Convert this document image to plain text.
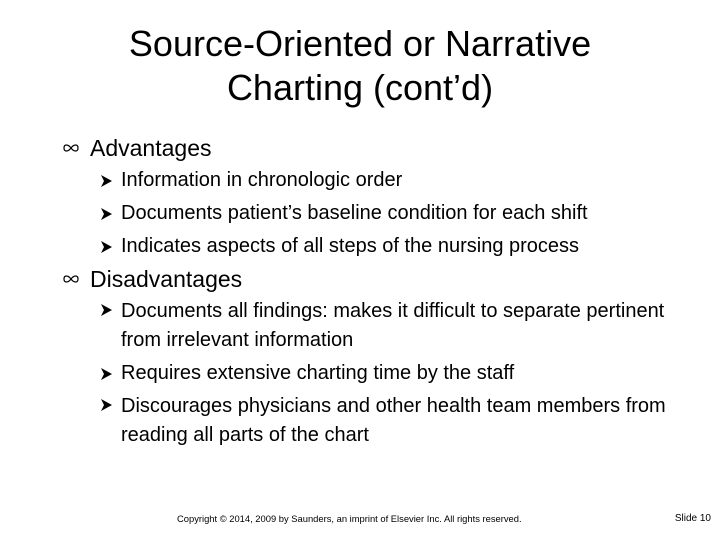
Source-Oriented or Narrative
Charting (cont’d)
Advantages
Information in chronologic order
Documents patient’s baseline condition for each shift
Indicates aspects of all steps of the nursing process
Disadvantages
Documents all findings: makes it difficult to separate pertinent from irrelevant information
Requires extensive charting time by the staff
Discourages physicians and other health team members from reading all parts of the chart
Copyright © 2014, 2009 by Saunders, an imprint of Elsevier Inc. All rights reserved.	Slide 10
